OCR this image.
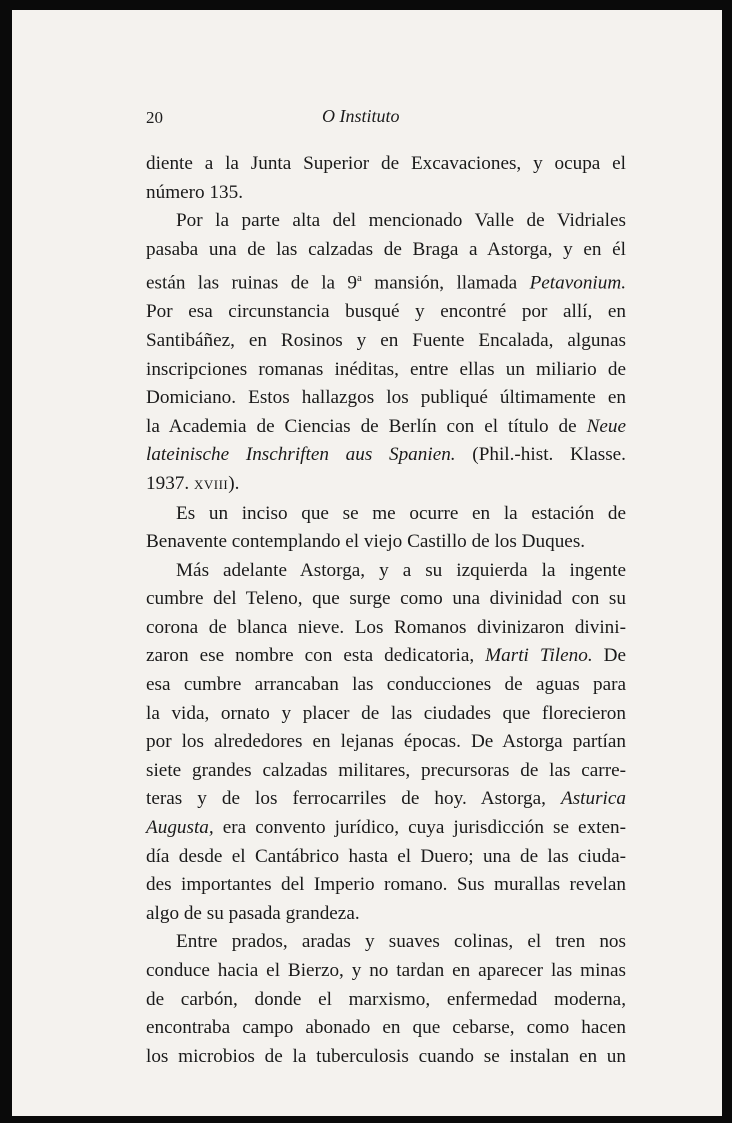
20	O Instituto
diente a la Junta Superior de Excavaciones, y ocupa el
número 135.
Por la parte alta del mencionado Valle de Vidriales
pasaba una de las calzadas de Braga a Astorga, y en él
están las ruinas de la 9$^a$ mansión, llamada Petavonium.
Por esa circunstancia busqué y encontré por allí, en
Santibáñez, en Rosinos y en Fuente Encalada, algunas
inscripciones romanas inéditas, entre ellas un miliario de
Domiciano. Estos hallazgos los publiqué últimamente en
la Academia de Ciencias de Berlín con el título de Neue
lateinische Inschriften aus Spanien. (Phil.-hist. Klasse.
1937. XVIII).
Es un inciso que se me ocurre en la estación de
Benavente contemplando el viejo Castillo de los Duques.
Más adelante Astorga, y a su izquierda la ingente
cumbre del Teleno, que surge como una divinidad con su
corona de blanca nieve. Los Romanos divinizaron divini-
zaron ese nombre con esta dedicatoria, Marti Tileno. De
esa cumbre arrancaban las conducciones de aguas para
la vida, ornato y placer de las ciudades que florecieron
por los alrededores en lejanas épocas. De Astorga partían
siete grandes calzadas militares, precursoras de las carre-
teras y de los ferrocarriles de hoy. Astorga, Asturica
Augusta, era convento jurídico, cuya jurisdicción se exten-
día desde el Cantábrico hasta el Duero; una de las ciuda-
des importantes del Imperio romano. Sus murallas revelan
algo de su pasada grandeza.
Entre prados, aradas y suaves colinas, el tren nos
conduce hacia el Bierzo, y no tardan en aparecer las minas
de carbón, donde el marxismo, enfermedad moderna,
encontraba campo abonado en que cebarse, como hacen
los microbios de la tuberculosis cuando se instalan en un
